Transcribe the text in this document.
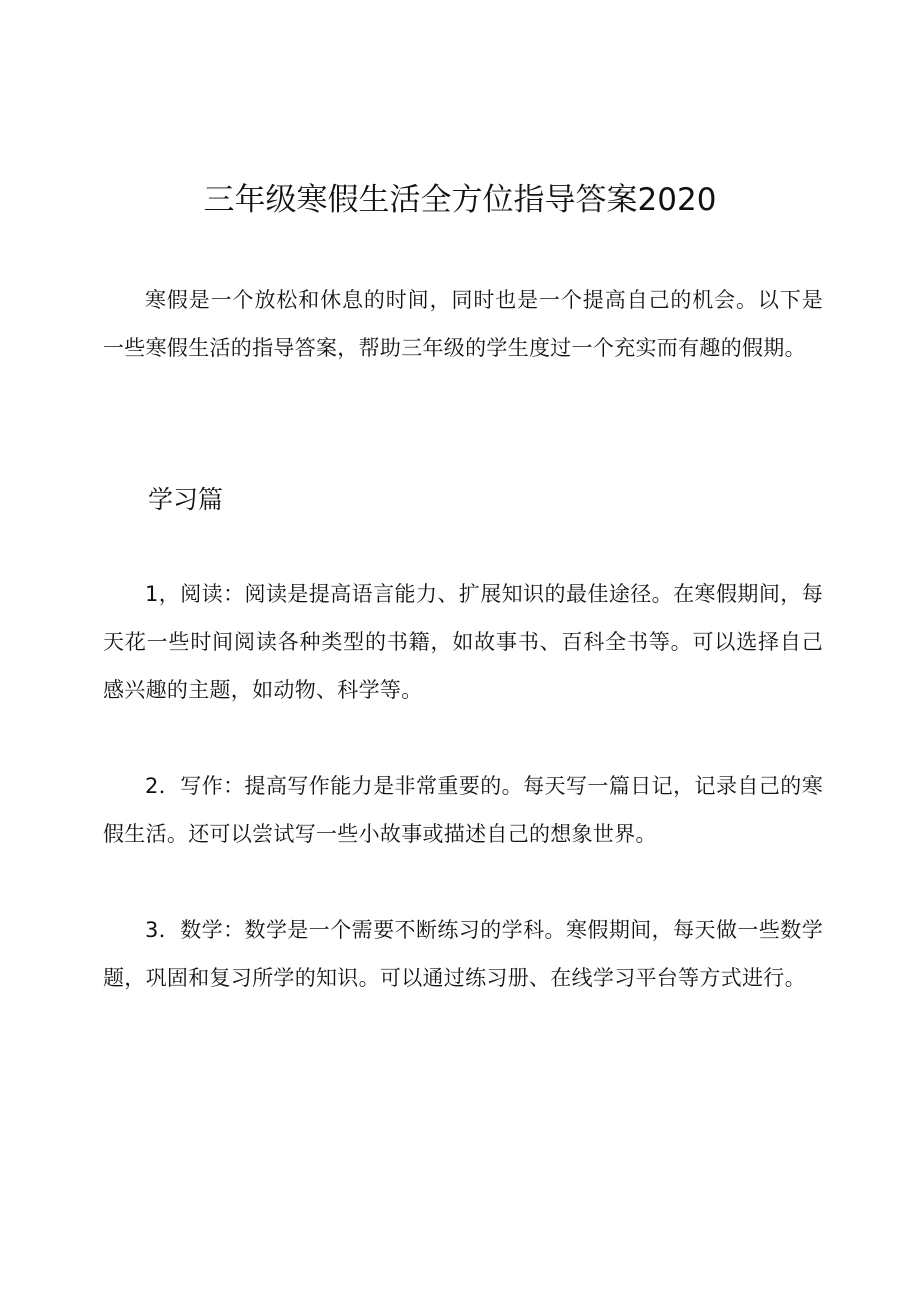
三年级寒假生活全方位指导答案2020

寒假是一个放松和休息的时间，同时也是一个提高自己的机会。以下是一些寒假生活的指导答案，帮助三年级的学生度过一个充实而有趣的假期。

学习篇

1，阅读：阅读是提高语言能力、扩展知识的最佳途径。在寒假期间，每天花一些时间阅读各种类型的书籍，如故事书、百科全书等。可以选择自己感兴趣的主题，如动物、科学等。

2．写作：提高写作能力是非常重要的。每天写一篇日记，记录自己的寒假生活。还可以尝试写一些小故事或描述自己的想象世界。

3．数学：数学是一个需要不断练习的学科。寒假期间，每天做一些数学题，巩固和复习所学的知识。可以通过练习册、在线学习平台等方式进行。
